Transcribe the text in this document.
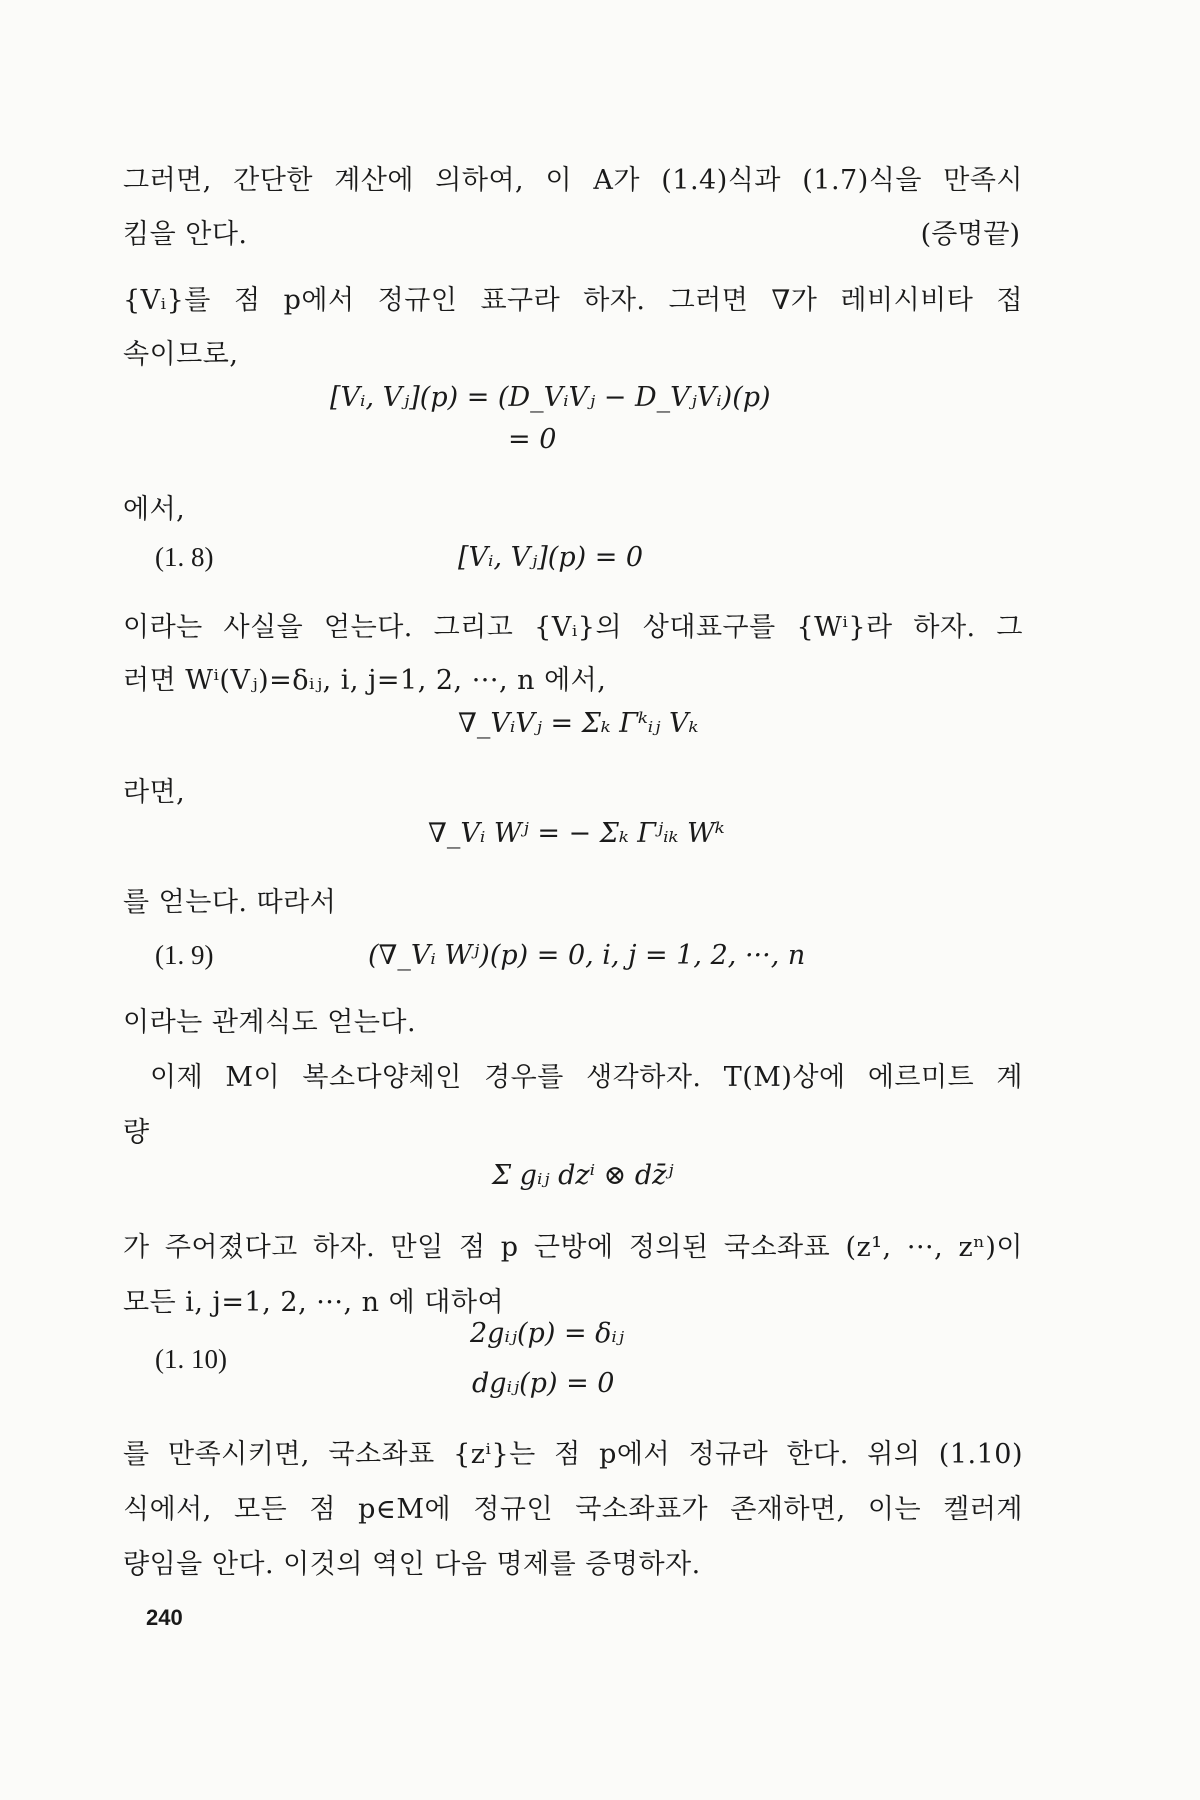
그러면, 간단한 계산에 의하여, 이 A가 (1.4)식과 (1.7)식을 만족시
킴을 안다.	(증명끝)
{Vᵢ}를 점 p에서 정규인 표구라 하자. 그러면 ∇가 레비시비타 접
속이므로,
[Vᵢ, Vⱼ](p) = (D_VᵢVⱼ − D_VⱼVᵢ)(p)
= 0
에서,
(1. 8)	[Vᵢ, Vⱼ](p) = 0
이라는 사실을 얻는다. 그리고 {Vᵢ}의 상대표구를 {Wⁱ}라 하자. 그
러면 Wⁱ(Vⱼ)=δᵢⱼ, i, j=1, 2, ···, n 에서,
∇_VᵢVⱼ = Σₖ Γᵏᵢⱼ Vₖ
라면,
∇_Vᵢ Wʲ = − Σₖ Γʲᵢₖ Wᵏ
를 얻는다. 따라서
(1. 9)	(∇_Vᵢ Wʲ)(p) = 0, i, j = 1, 2, ···, n
이라는 관계식도 얻는다.
이제 M이 복소다양체인 경우를 생각하자. T(M)상에 에르미트 계
량
Σ gᵢⱼ dzⁱ ⊗ dz̄ʲ
가 주어졌다고 하자. 만일 점 p 근방에 정의된 국소좌표 (z¹, ···, zⁿ)이
모든 i, j=1, 2, ···, n 에 대하여
(1. 10)
2gᵢⱼ(p) = δᵢⱼ
dgᵢⱼ(p) = 0
를 만족시키면, 국소좌표 {zⁱ}는 점 p에서 정규라 한다. 위의 (1.10)
식에서, 모든 점 p∈M에 정규인 국소좌표가 존재하면, 이는 켈러계
량임을 안다. 이것의 역인 다음 명제를 증명하자.
240
